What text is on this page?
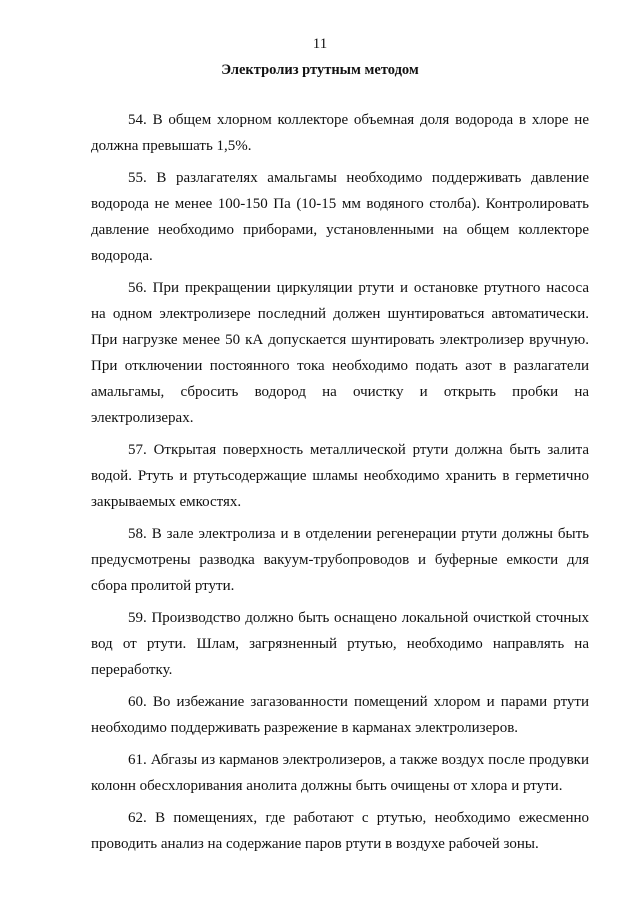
11
Электролиз ртутным методом

54. В общем хлорном коллекторе объемная доля водорода в хлоре не должна превышать 1,5%.

55. В разлагателях амальгамы необходимо поддерживать давление водорода не менее 100-150 Па (10-15 мм водяного столба). Контролировать давление необходимо приборами, установленными на общем коллекторе водорода.

56. При прекращении циркуляции ртути и остановке ртутного насоса на одном электролизере последний должен шунтироваться автоматически. При нагрузке менее 50 кА допускается шунтировать электролизер вручную. При отключении постоянного тока необходимо подать азот в разлагатели амальгамы, сбросить водород на очистку и открыть пробки на электролизерах.

57. Открытая поверхность металлической ртути должна быть залита водой. Ртуть и ртутьсодержащие шламы необходимо хранить в герметично закрываемых емкостях.

58. В зале электролиза и в отделении регенерации ртути должны быть предусмотрены разводка вакуум-трубопроводов и буферные емкости для сбора пролитой ртути.

59. Производство должно быть оснащено локальной очисткой сточных вод от ртути. Шлам, загрязненный ртутью, необходимо направлять на переработку.

60. Во избежание загазованности помещений хлором и парами ртути необходимо поддерживать разрежение в карманах электролизеров.

61. Абгазы из карманов электролизеров, а также воздух после продувки колонн обесхлоривания анолита должны быть очищены от хлора и ртути.

62. В помещениях, где работают с ртутью, необходимо ежесменно проводить анализ на содержание паров ртути в воздухе рабочей зоны.
